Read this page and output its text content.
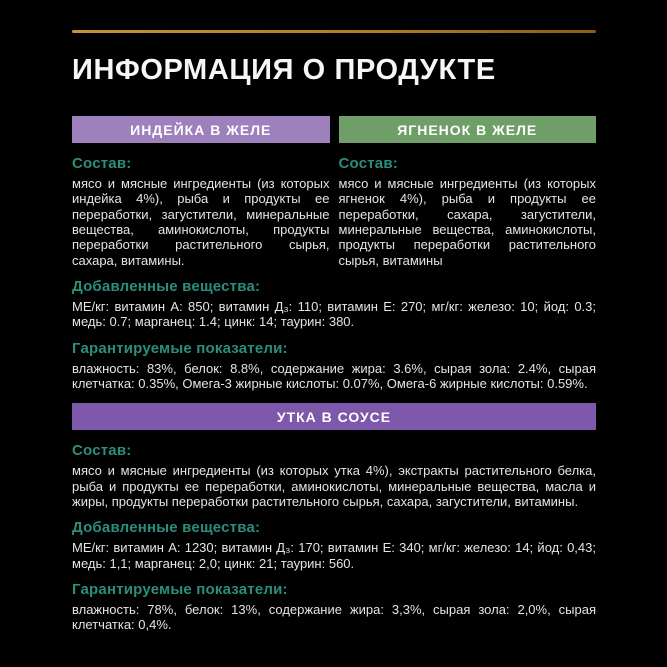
ИНФОРМАЦИЯ О ПРОДУКТЕ
ИНДЕЙКА В ЖЕЛЕ
Состав:

мясо и мясные ингредиенты (из которых индейка 4%), рыба и продукты ее переработки, загустители, минеральные вещества, аминокислоты, продукты переработки растительного сырья, сахара, витамины.

ЯГНЕНОК В ЖЕЛЕ
Состав:

мясо и мясные ингредиенты (из которых ягненок 4%), рыба и продукты ее переработки, сахара, загустители, минеральные вещества, аминокислоты, продукты переработки растительного сырья, витамины

Добавленные вещества:

МЕ/кг: витамин А: 850; витамин Д₃: 110; витамин Е: 270; мг/кг: железо: 10; йод: 0.3; медь: 0.7; марганец: 1.4; цинк: 14; таурин: 380.

Гарантируемые показатели:

влажность: 83%, белок: 8.8%, содержание жира: 3.6%, сырая зола: 2.4%, сырая клетчатка: 0.35%, Омега-3 жирные кислоты: 0.07%, Омега-6 жирные кислоты: 0.59%.

УТКА В СОУСЕ
Состав:

мясо и мясные ингредиенты (из которых утка 4%), экстракты растительного белка, рыба и продукты ее переработки, аминокислоты, минеральные вещества, масла и жиры, продукты переработки растительного сырья, сахара, загустители, витамины.

Добавленные вещества:

МЕ/кг: витамин А: 1230; витамин Д₃: 170; витамин Е: 340; мг/кг: железо: 14; йод: 0,43; медь: 1,1; марганец: 2,0; цинк: 21; таурин: 560.

Гарантируемые показатели:

влажность: 78%, белок: 13%, содержание жира: 3,3%, сырая зола: 2,0%, сырая клетчатка: 0,4%.
